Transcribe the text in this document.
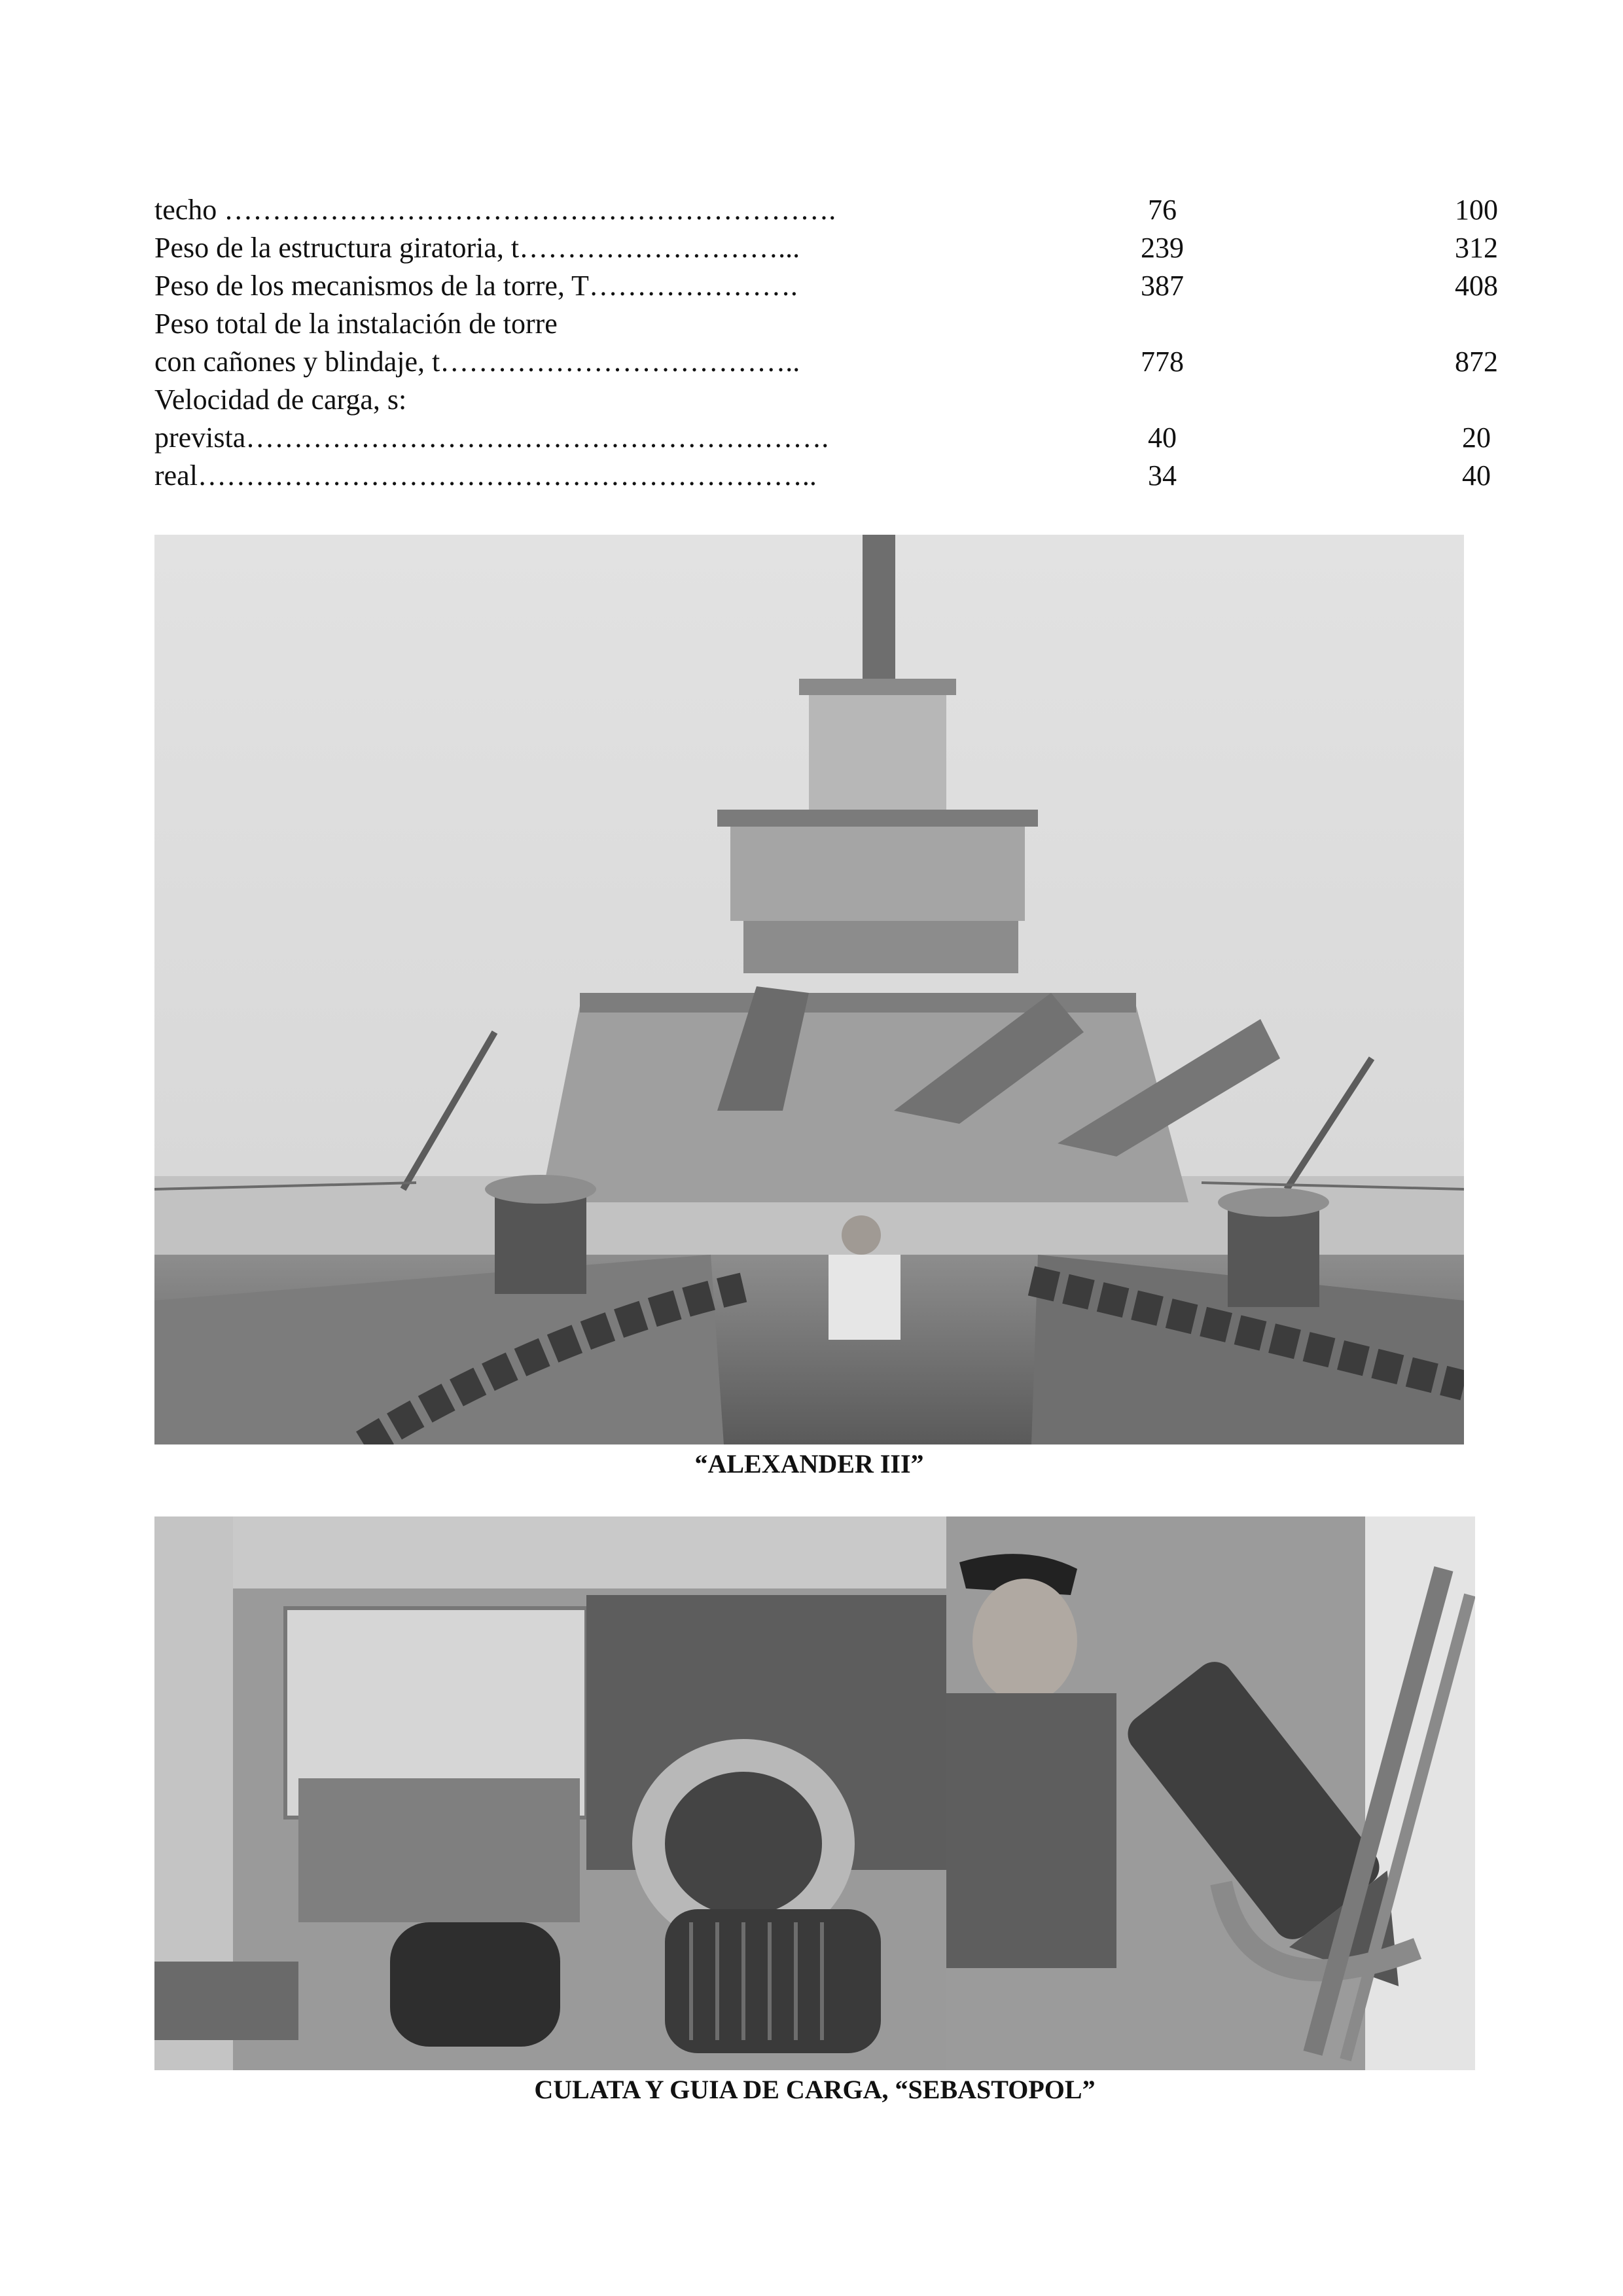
techo ……………………………………………………….	76	100
Peso de la estructura giratoria, t………………………...	239	312
Peso de los mecanismos de la torre, T………………….	387	408
Peso total de la instalación de torre
con cañones y blindaje, t………………………………..	778	872
Velocidad de carga, s:
prevista…………………………………………………….	40	20
real………………………………………………………..	34	40
“ALEXANDER III”
CULATA Y GUIA DE CARGA, “SEBASTOPOL”
